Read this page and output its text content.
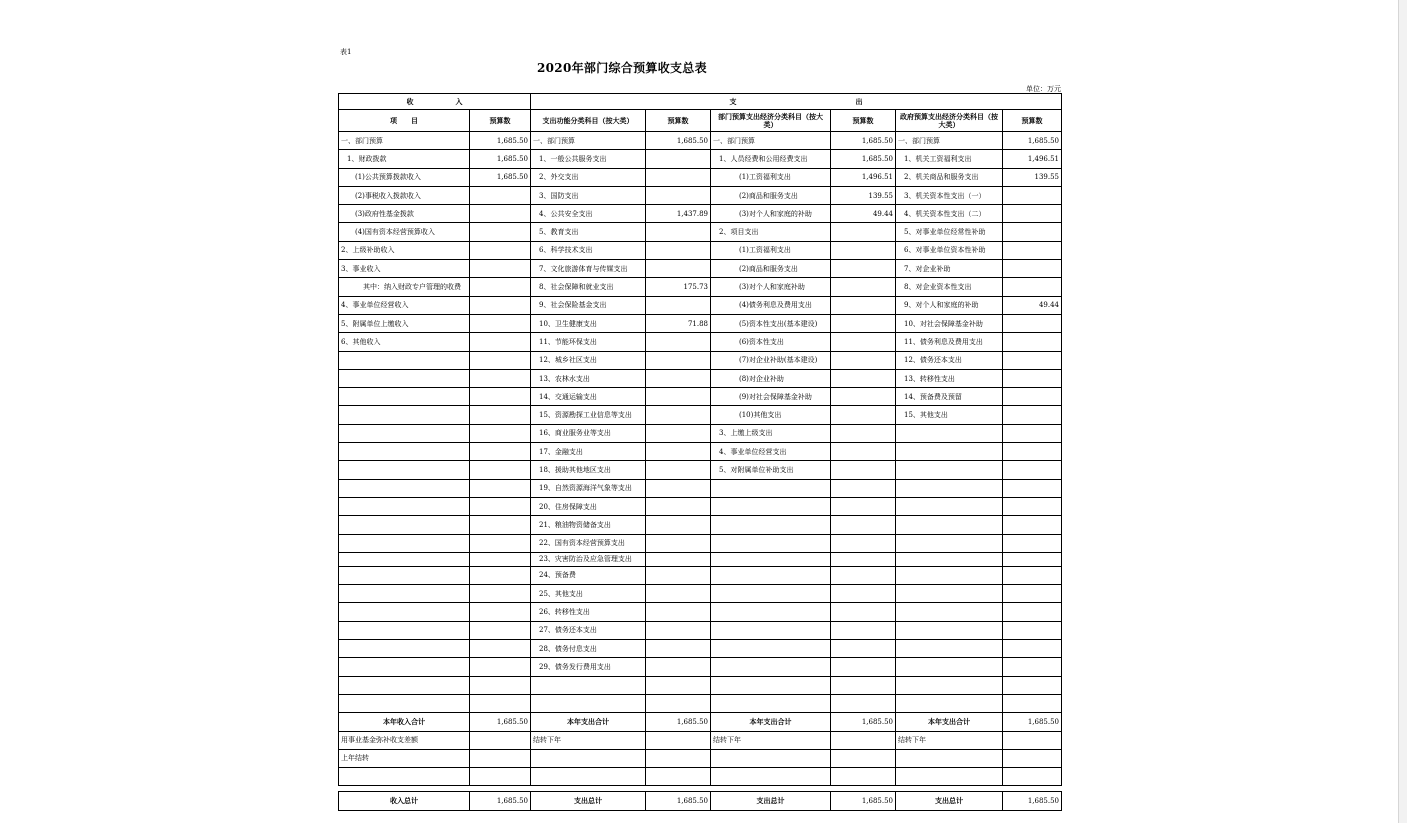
表1
2020年部门综合预算收支总表
单位：万元
收　　　　　　入		支　　　　　　　　　　　　　　　　　出					
项　　目	预算数	支出功能分类科目（按大类）	预算数	部门预算支出经济分类科目（按大类）	预算数	政府预算支出经济分类科目（按大类）	预算数
一、部门预算	1,685.50	一、部门预算	1,685.50	一、部门预算	1,685.50	一、部门预算	1,685.50
1、财政拨款	1,685.50	1、一般公共服务支出		1、人员经费和公用经费支出	1,685.50	1、机关工资福利支出	1,496.51
(1)公共预算拨款收入	1,685.50	2、外交支出		(1)工资福利支出	1,496.51	2、机关商品和服务支出	139.55
(2)事税收入拨款收入		3、国防支出		(2)商品和服务支出	139.55	3、机关资本性支出（一）	
(3)政府性基金拨款		4、公共安全支出	1,437.89	(3)对个人和家庭的补助	49.44	4、机关资本性支出（二）	
(4)国有资本经营预算收入		5、教育支出		2、项目支出		5、对事业单位经常性补助	
2、上级补助收入		6、科学技术支出		(1)工资福利支出		6、对事业单位资本性补助	
3、事业收入		7、文化旅游体育与传媒支出		(2)商品和服务支出		7、对企业补助	
其中：纳入财政专户管理的收费		8、社会保障和就业支出	175.73	(3)对个人和家庭补助		8、对企业资本性支出	
4、事业单位经营收入		9、社会保险基金支出		(4)债务利息及费用支出		9、对个人和家庭的补助	49.44
5、附属单位上缴收入		10、卫生健康支出	71.88	(5)资本性支出(基本建设)		10、对社会保障基金补助	
6、其他收入		11、节能环保支出		(6)资本性支出		11、债务利息及费用支出	
		12、城乡社区支出		(7)对企业补助(基本建设)		12、债务还本支出	
		13、农林水支出		(8)对企业补助		13、转移性支出	
		14、交通运输支出		(9)对社会保障基金补助		14、预备费及预留	
		15、资源勘探工业信息等支出		(10)其他支出		15、其他支出	
		16、商业服务业等支出		3、上缴上级支出			
		17、金融支出		4、事业单位经营支出			
		18、援助其他地区支出		5、对附属单位补助支出			
		19、自然资源海洋气象等支出					
		20、住房保障支出					
		21、粮油物资储备支出					
		22、国有资本经营预算支出					
		23、灾害防治及应急管理支出					
		24、预备费					
		25、其他支出					
		26、转移性支出					
		27、债务还本支出					
		28、债务付息支出					
		29、债务发行费用支出					

本年收入合计	1,685.50	本年支出合计	1,685.50	本年支出合计	1,685.50	本年支出合计	1,685.50
用事业基金弥补收支差额		结转下年		结转下年		结转下年	
上年结转							

收入总计	1,685.50	支出总计	1,685.50	支出总计	1,685.50	支出总计	1,685.50
